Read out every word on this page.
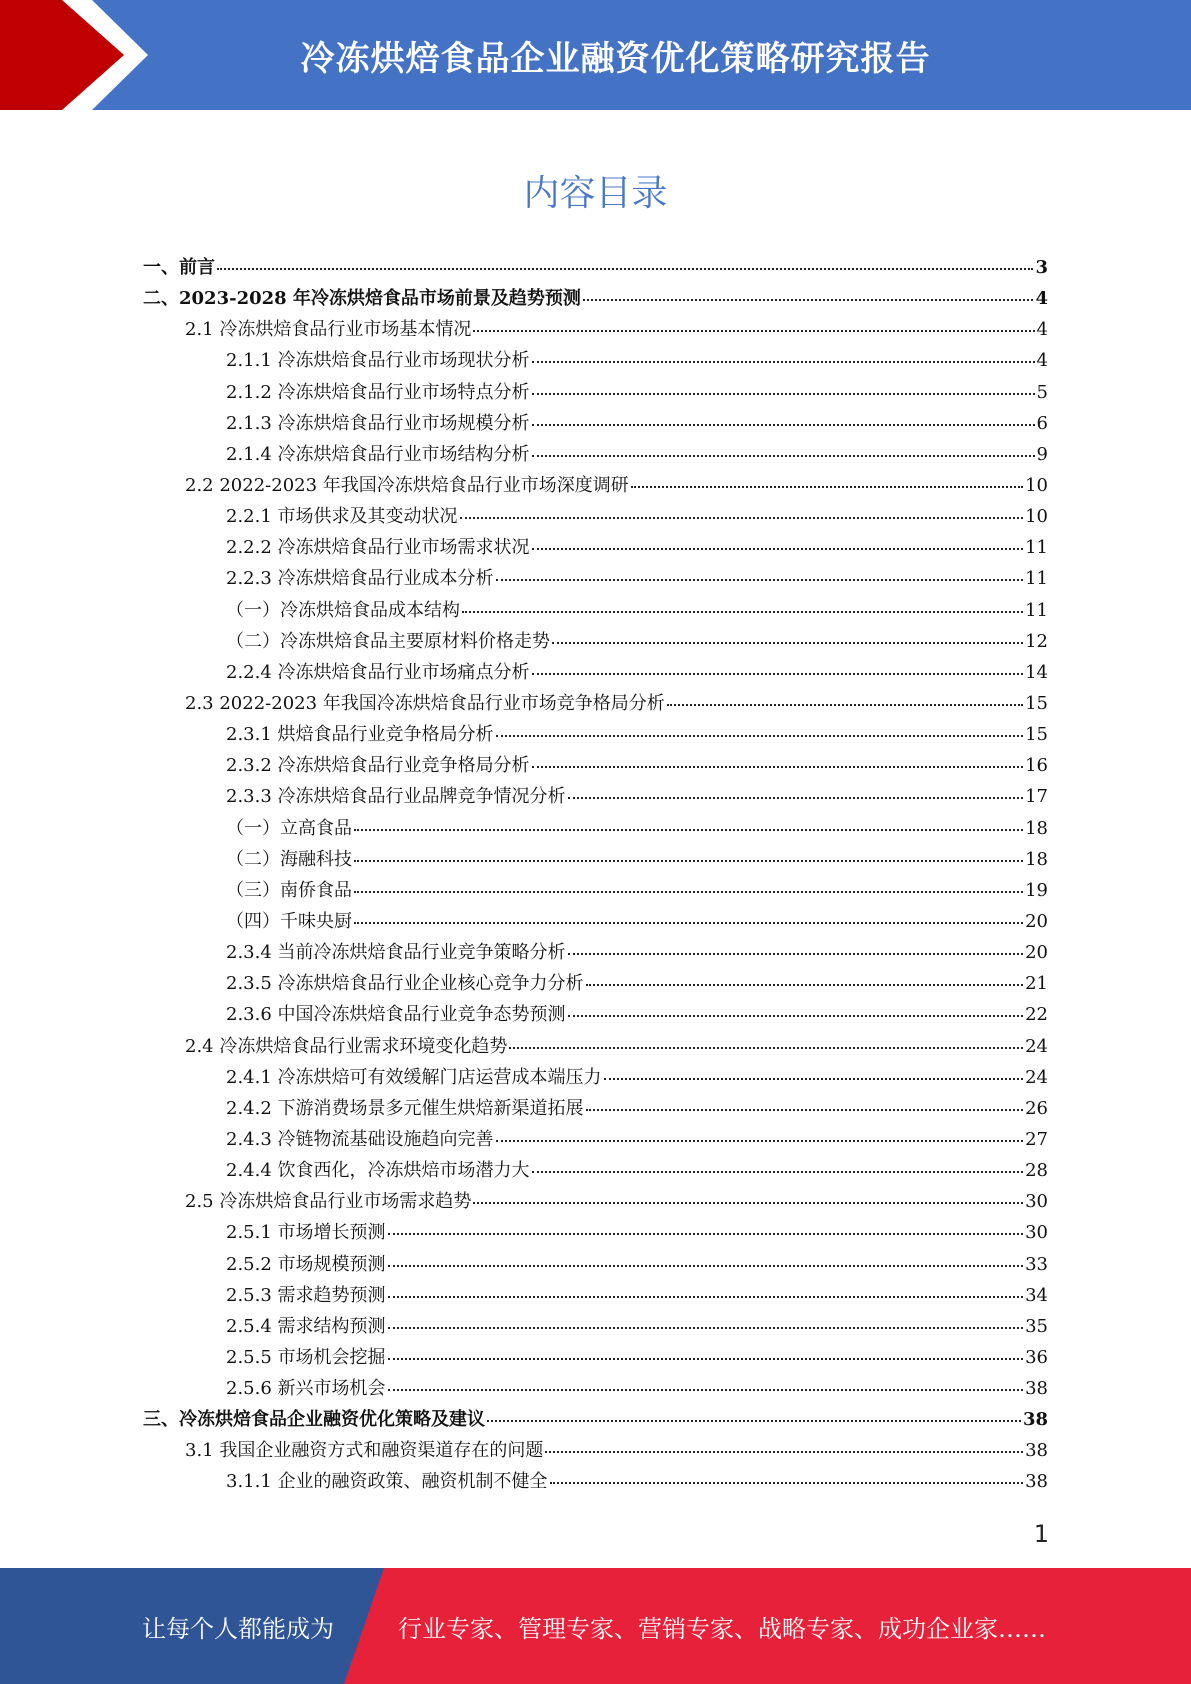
冷冻烘焙食品企业融资优化策略研究报告
内容目录
一、前言	3
二、2023-2028 年冷冻烘焙食品市场前景及趋势预测	4
2.1 冷冻烘焙食品行业市场基本情况	4
2.1.1 冷冻烘焙食品行业市场现状分析	4
2.1.2 冷冻烘焙食品行业市场特点分析	5
2.1.3 冷冻烘焙食品行业市场规模分析	6
2.1.4 冷冻烘焙食品行业市场结构分析	9
2.2 2022-2023 年我国冷冻烘焙食品行业市场深度调研	10
2.2.1 市场供求及其变动状况	10
2.2.2 冷冻烘焙食品行业市场需求状况	11
2.2.3 冷冻烘焙食品行业成本分析	11
（一）冷冻烘焙食品成本结构	11
（二）冷冻烘焙食品主要原材料价格走势	12
2.2.4 冷冻烘焙食品行业市场痛点分析	14
2.3 2022-2023 年我国冷冻烘焙食品行业市场竞争格局分析	15
2.3.1 烘焙食品行业竞争格局分析	15
2.3.2 冷冻烘焙食品行业竞争格局分析	16
2.3.3 冷冻烘焙食品行业品牌竞争情况分析	17
（一）立高食品	18
（二）海融科技	18
（三）南侨食品	19
（四）千味央厨	20
2.3.4 当前冷冻烘焙食品行业竞争策略分析	20
2.3.5 冷冻烘焙食品行业企业核心竞争力分析	21
2.3.6 中国冷冻烘焙食品行业竞争态势预测	22
2.4 冷冻烘焙食品行业需求环境变化趋势	24
2.4.1 冷冻烘焙可有效缓解门店运营成本端压力	24
2.4.2 下游消费场景多元催生烘焙新渠道拓展	26
2.4.3 冷链物流基础设施趋向完善	27
2.4.4 饮食西化，冷冻烘焙市场潜力大	28
2.5 冷冻烘焙食品行业市场需求趋势	30
2.5.1 市场增长预测	30
2.5.2 市场规模预测	33
2.5.3 需求趋势预测	34
2.5.4 需求结构预测	35
2.5.5 市场机会挖掘	36
2.5.6 新兴市场机会	38
三、冷冻烘焙食品企业融资优化策略及建议	38
3.1 我国企业融资方式和融资渠道存在的问题	38
3.1.1 企业的融资政策、融资机制不健全	38
1
让每个人都能成为	行业专家、管理专家、营销专家、战略专家、成功企业家……
